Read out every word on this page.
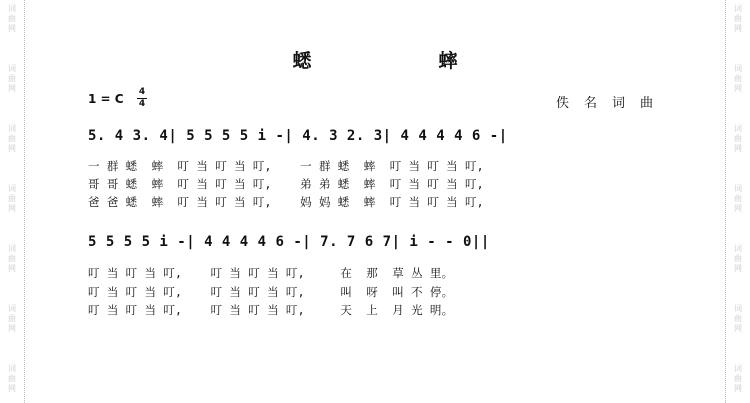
词
曲
网
词
曲
网
词
曲
网
词
曲
网
词
曲
网
词
曲
网
词
曲
网
词
曲
网
词
曲
网
词
曲
网
词
曲
网
词
曲
网
词
曲
网
词
曲
网
蟋　蟀
1 = C 4
4	佚名词曲
5. 4 3. 4| 5 5 5 5 i -| 4. 3 2. 3| 4 4 4 4 6 -|
一 群 蟋  蟀  叮 当 叮 当 叮,    一 群 蟋  蟀  叮 当 叮 当 叮,
哥 哥 蟋  蟀  叮 当 叮 当 叮,    弟 弟 蟋  蟀  叮 当 叮 当 叮,
爸 爸 蟋  蟀  叮 当 叮 当 叮,    妈 妈 蟋  蟀  叮 当 叮 当 叮,
5 5 5 5 i -| 4 4 4 4 6 -| 7. 7 6 7| i - - 0||
叮 当 叮 当 叮,    叮 当 叮 当 叮,     在  那  草 丛 里。
叮 当 叮 当 叮,    叮 当 叮 当 叮,     叫  呀  叫 不 停。
叮 当 叮 当 叮,    叮 当 叮 当 叮,     天  上  月 光 明。
